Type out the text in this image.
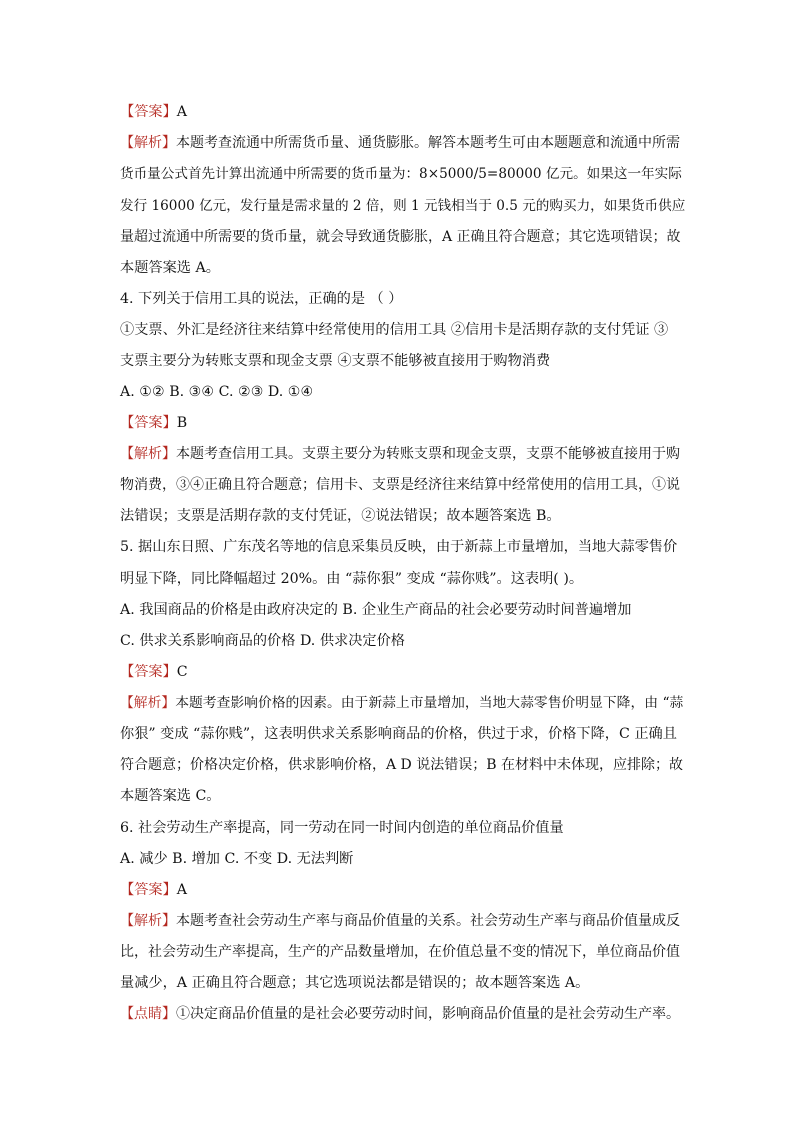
【答案】A
【解析】本题考查流通中所需货币量、通货膨胀。解答本题考生可由本题题意和流通中所需
货币量公式首先计算出流通中所需要的货币量为：8×5000/5=80000 亿元。如果这一年实际
发行 16000 亿元，发行量是需求量的 2 倍，则 1 元钱相当于 0.5 元的购买力，如果货币供应
量超过流通中所需要的货币量，就会导致通货膨胀，A 正确且符合题意；其它选项错误；故
本题答案选 A。
4. 下列关于信用工具的说法，正确的是 （ ）
①支票、外汇是经济往来结算中经常使用的信用工具 ②信用卡是活期存款的支付凭证 ③
支票主要分为转账支票和现金支票 ④支票不能够被直接用于购物消费
A. ①② B. ③④ C. ②③ D. ①④
【答案】B
【解析】本题考查信用工具。支票主要分为转账支票和现金支票，支票不能够被直接用于购
物消费，③④正确且符合题意；信用卡、支票是经济往来结算中经常使用的信用工具，①说
法错误；支票是活期存款的支付凭证，②说法错误；故本题答案选 B。
5. 据山东日照、广东茂名等地的信息采集员反映，由于新蒜上市量增加，当地大蒜零售价
明显下降，同比降幅超过 20%。由 “蒜你狠” 变成 “蒜你贱”。这表明( )。
A. 我国商品的价格是由政府决定的 B. 企业生产商品的社会必要劳动时间普遍增加
C. 供求关系影响商品的价格 D. 供求决定价格
【答案】C
【解析】本题考查影响价格的因素。由于新蒜上市量增加，当地大蒜零售价明显下降，由 “蒜
你狠” 变成 “蒜你贱”，这表明供求关系影响商品的价格，供过于求，价格下降，C 正确且
符合题意；价格决定价格，供求影响价格，A D 说法错误；B 在材料中未体现，应排除；故
本题答案选 C。
6. 社会劳动生产率提高，同一劳动在同一时间内创造的单位商品价值量
A. 减少 B. 增加 C. 不变 D. 无法判断
【答案】A
【解析】本题考查社会劳动生产率与商品价值量的关系。社会劳动生产率与商品价值量成反
比，社会劳动生产率提高，生产的产品数量增加，在价值总量不变的情况下，单位商品价值
量减少，A 正确且符合题意；其它选项说法都是错误的；故本题答案选 A。
【点睛】①决定商品价值量的是社会必要劳动时间，影响商品价值量的是社会劳动生产率。
